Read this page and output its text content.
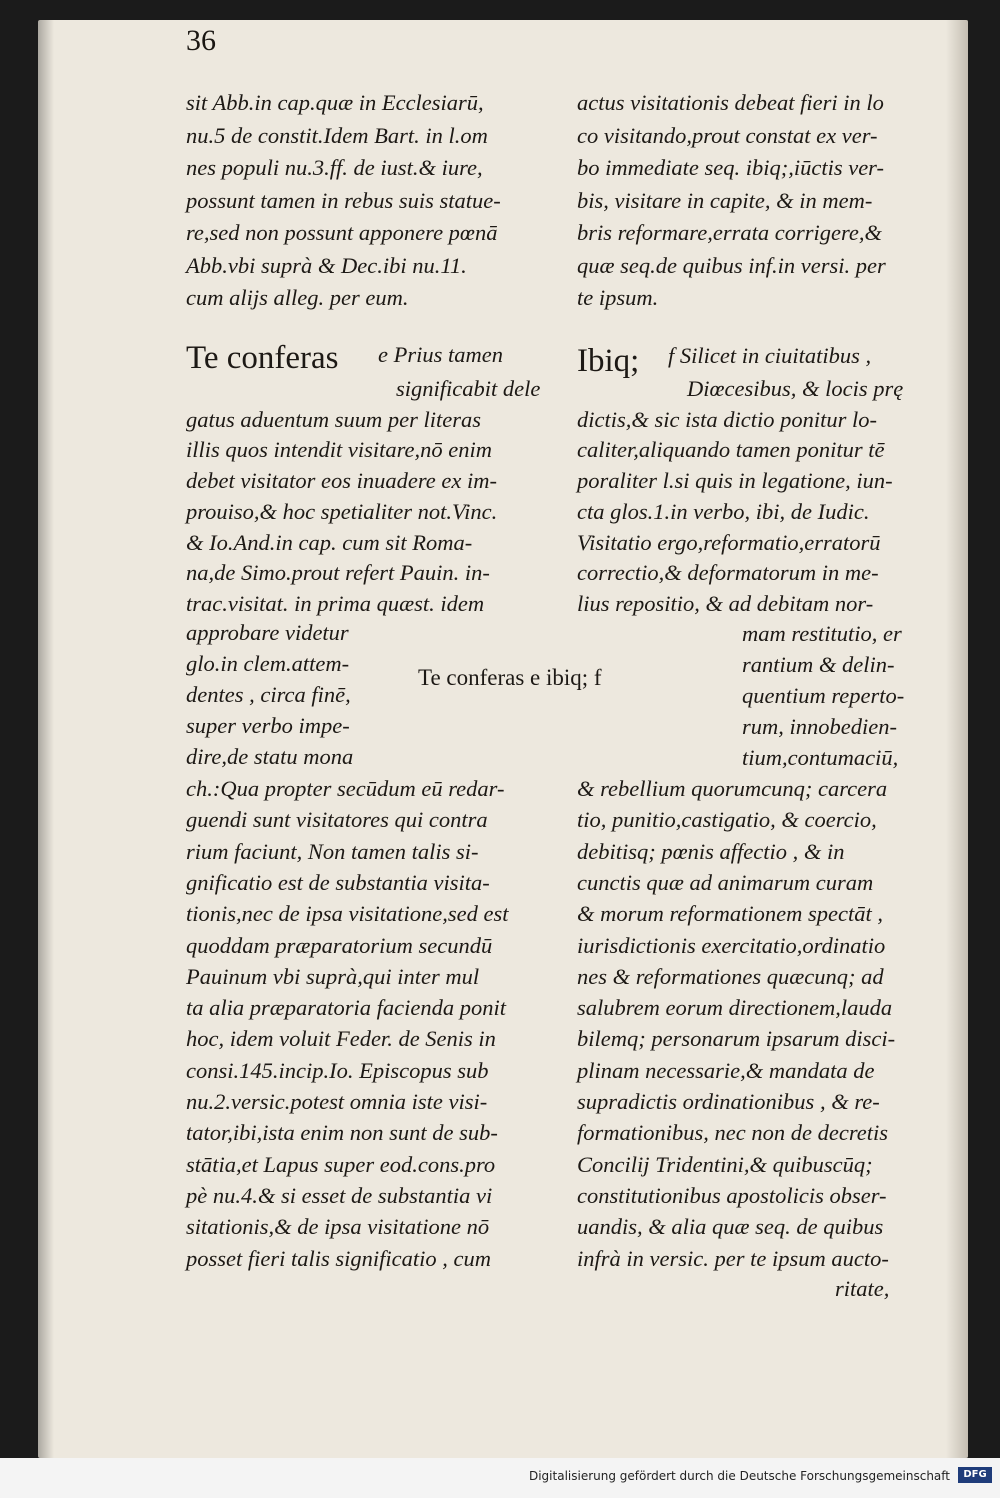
36
sit Abb.in cap.quæ in Ecclesiarū,
nu.5 de constit.Idem Bart. in l.om
nes populi nu.3.ff. de iust.& iure,
possunt tamen in rebus suis statue-
re,sed non possunt apponere pœnā
Abb.vbi suprà & Dec.ibi nu.11.
cum alijs alleg. per eum.
actus visitationis debeat fieri in lo
co visitando,prout constat ex ver-
bo immediate seq. ibiq;,iūctis ver-
bis, visitare in capite, & in mem-
bris reformare,errata corrigere,&
quæ seq.de quibus inf.in versi. per
te ipsum.
Te conferas e Prius tamen Ibiq; f Silicet in ciuitatibus ,
significabit dele
gatus aduentum suum per literas
illis quos intendit visitare,nō enim
debet visitator eos inuadere ex im-
prouiso,& hoc spetialiter not.Vinc.
& Io.And.in cap. cum sit Roma-
na,de Simo.prout refert Pauin. in-
trac.visitat. in prima quæst. idem
approbare videtur
glo.in clem.attem-
dentes , circa finē,
super verbo impe-
dire,de statu mona
Te conferas e ibiq; f
ch.:Qua propter secūdum eū redar-
guendi sunt visitatores qui contra
rium faciunt, Non tamen talis si-
gnificatio est de substantia visita-
tionis,nec de ipsa visitatione,sed est
quoddam præparatorium secundū
Pauinum vbi suprà,qui inter mul
ta alia præparatoria facienda ponit
hoc, idem voluit Feder. de Senis in
consi.145.incip.Io. Episcopus sub
nu.2.versic.potest omnia iste visi-
tator,ibi,ista enim non sunt de sub-
stātia,et Lapus super eod.cons.pro
pè nu.4.& si esset de substantia vi
sitationis,& de ipsa visitatione nō
posset fieri talis significatio , cum
Diœcesibus, & locis prę
dictis,& sic ista dictio ponitur lo-
caliter,aliquando tamen ponitur tē
poraliter l.si quis in legatione, iun-
cta glos.1.in verbo, ibi, de Iudic.
Visitatio ergo,reformatio,erratorū
correctio,& deformatorum in me-
lius repositio, & ad debitam nor-
mam restitutio, er
rantium & delin-
quentium reperto-
rum, innobedien-
tium,contumaciū,
& rebellium quorumcunq; carcera
tio, punitio,castigatio, & coercio,
debitisq; pœnis affectio , & in
cunctis quæ ad animarum curam
& morum reformationem spectāt ,
iurisdictionis exercitatio,ordinatio
nes & reformationes quæcunq; ad
salubrem eorum directionem,lauda
bilemq; personarum ipsarum disci-
plinam necessarie,& mandata de
supradictis ordinationibus , & re-
formationibus, nec non de decretis
Concilij Tridentini,& quibuscūq;
constitutionibus apostolicis obser-
uandis, & alia quæ seq. de quibus
infrà in versic. per te ipsum aucto-
ritate,
Digitalisierung gefördert durch die Deutsche Forschungsgemeinschaft	DFG
